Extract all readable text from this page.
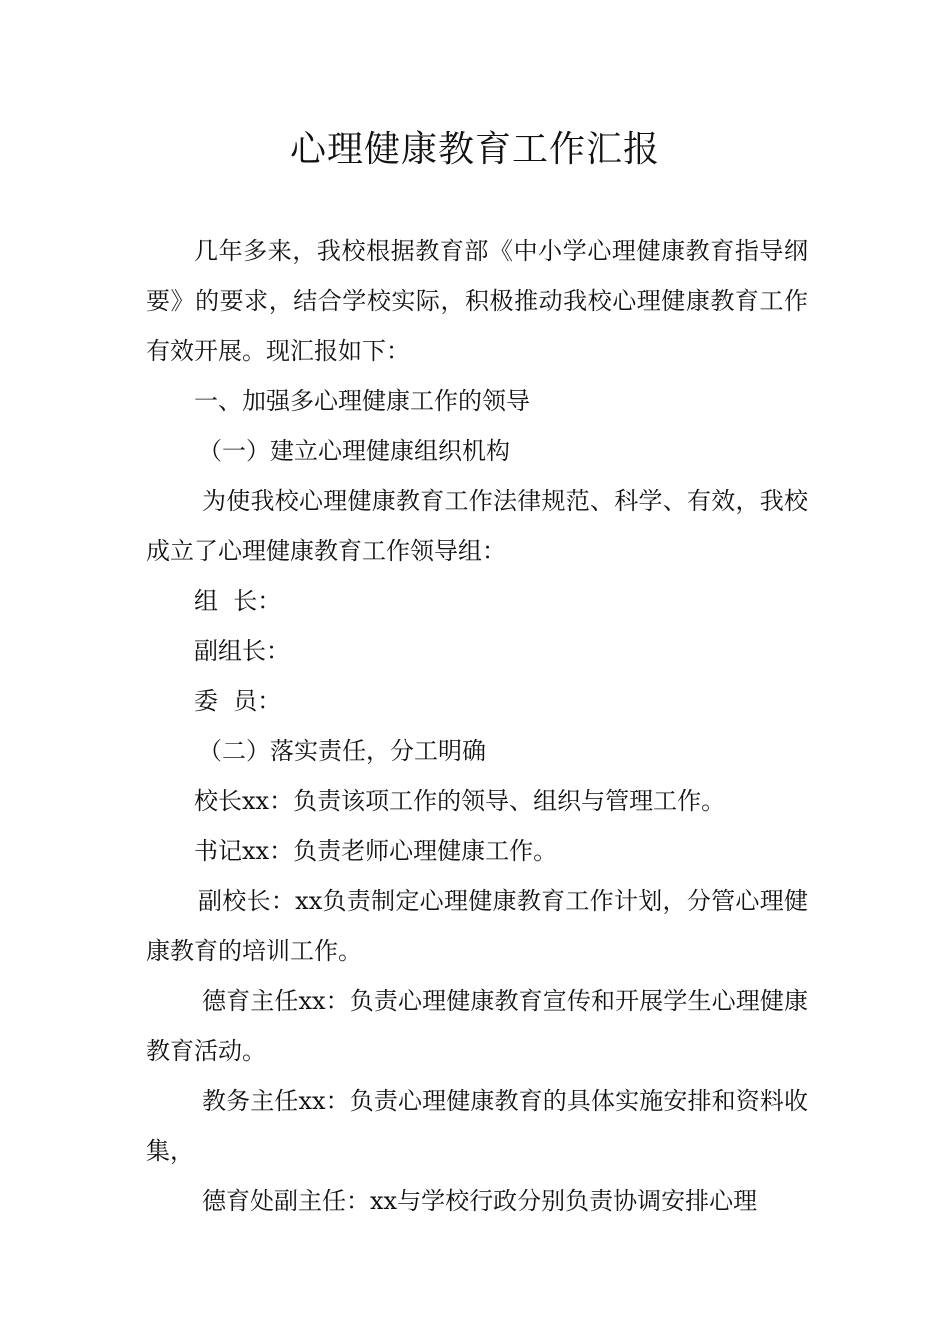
心理健康教育工作汇报

几年多来，我校根据教育部《中小学心理健康教育指导纲要》的要求，结合学校实际，积极推动我校心理健康教育工作有效开展。现汇报如下：

一、加强多心理健康工作的领导

（一）建立心理健康组织机构

为使我校心理健康教育工作法律规范、科学、有效，我校成立了心理健康教育工作领导组：

组  长：

副组长：

委  员：

（二）落实责任，分工明确

校长xx：负责该项工作的领导、组织与管理工作。

书记xx：负责老师心理健康工作。

副校长：xx负责制定心理健康教育工作计划，分管心理健康教育的培训工作。

德育主任xx：负责心理健康教育宣传和开展学生心理健康教育活动。

教务主任xx：负责心理健康教育的具体实施安排和资料收集，

德育处副主任：xx与学校行政分别负责协调安排心理
